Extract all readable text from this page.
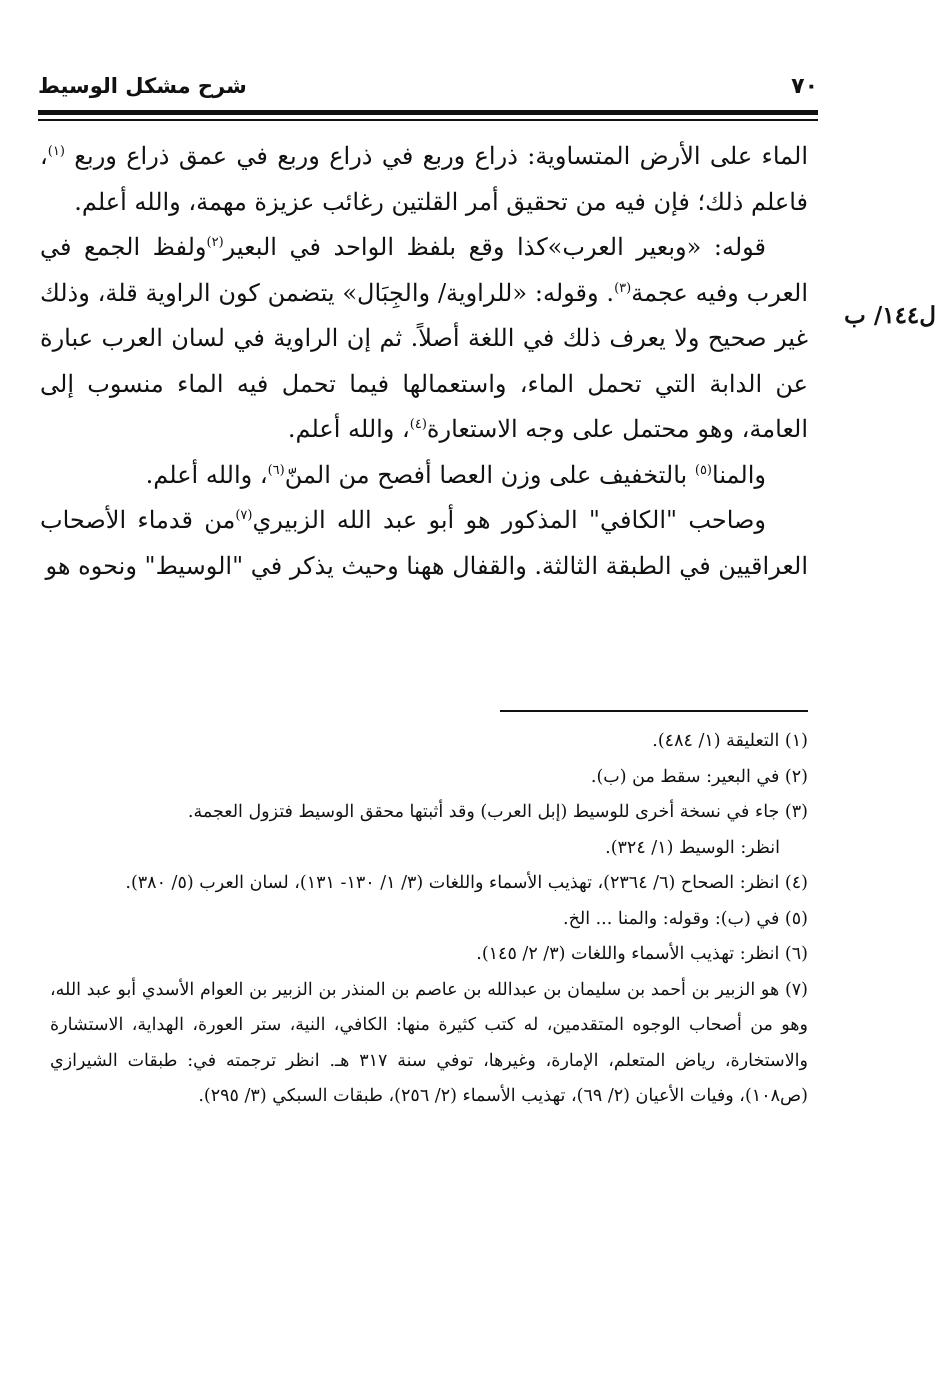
٧٠
شرح مشكل الوسيط
ل١٤٤/ ب

الماء على الأرض المتساوية: ذراع وربع في ذراع وربع في عمق ذراع وربع $^{(١)}$، فاعلم ذلك؛ فإن فيه من تحقيق أمر القلتين رغائب عزيزة مهمة، والله أعلم.

قوله: «وبعير العرب»كذا وقع بلفظ الواحد في البعير$^{(٢)}$ولفظ الجمع في العرب وفيه عجمة$^{(٣)}$. وقوله: «للراوية/ والجِبَال» يتضمن كون الراوية قلة، وذلك غير صحيح ولا يعرف ذلك في اللغة أصلاً. ثم إن الراوية في لسان العرب عبارة عن الدابة التي تحمل الماء، واستعمالها فيما تحمل فيه الماء منسوب إلى العامة، وهو محتمل على وجه الاستعارة$^{(٤)}$، والله أعلم.

والمنا$^{(٥)}$ بالتخفيف على وزن العصا أفصح من المنّ$^{(٦)}$، والله أعلم.

وصاحب "الكافي" المذكور هو أبو عبد الله الزبيري$^{(٧)}$من قدماء الأصحاب العراقيين في الطبقة الثالثة. والقفال ههنا وحيث يذكر في "الوسيط" ونحوه هو

(١) التعليقة (١/ ٤٨٤).

(٢) في البعير: سقط من (ب).

(٣) جاء في نسخة أخرى للوسيط (إبل العرب) وقد أثبتها محقق الوسيط فتزول العجمة.

انظر: الوسيط (١/ ٣٢٤).

(٤) انظر: الصحاح (٦/ ٢٣٦٤)، تهذيب الأسماء واللغات (٣/ ١/ ١٣٠- ١٣١)، لسان العرب (٥/ ٣٨٠).

(٥) في (ب): وقوله: والمنا ... الخ.

(٦) انظر: تهذيب الأسماء واللغات (٣/ ٢/ ١٤٥).

(٧) هو الزبير بن أحمد بن سليمان بن عبدالله بن عاصم بن المنذر بن الزبير بن العوام الأسدي أبو عبد الله، وهو من أصحاب الوجوه المتقدمين، له كتب كثيرة منها: الكافي، النية، ستر العورة، الهداية، الاستشارة والاستخارة، رياض المتعلم، الإمارة، وغيرها، توفي سنة ٣١٧ هـ. انظر ترجمته في: طبقات الشيرازي (ص١٠٨)، وفيات الأعيان (٢/ ٦٩)، تهذيب الأسماء (٢/ ٢٥٦)، طبقات السبكي (٣/ ٢٩٥).
